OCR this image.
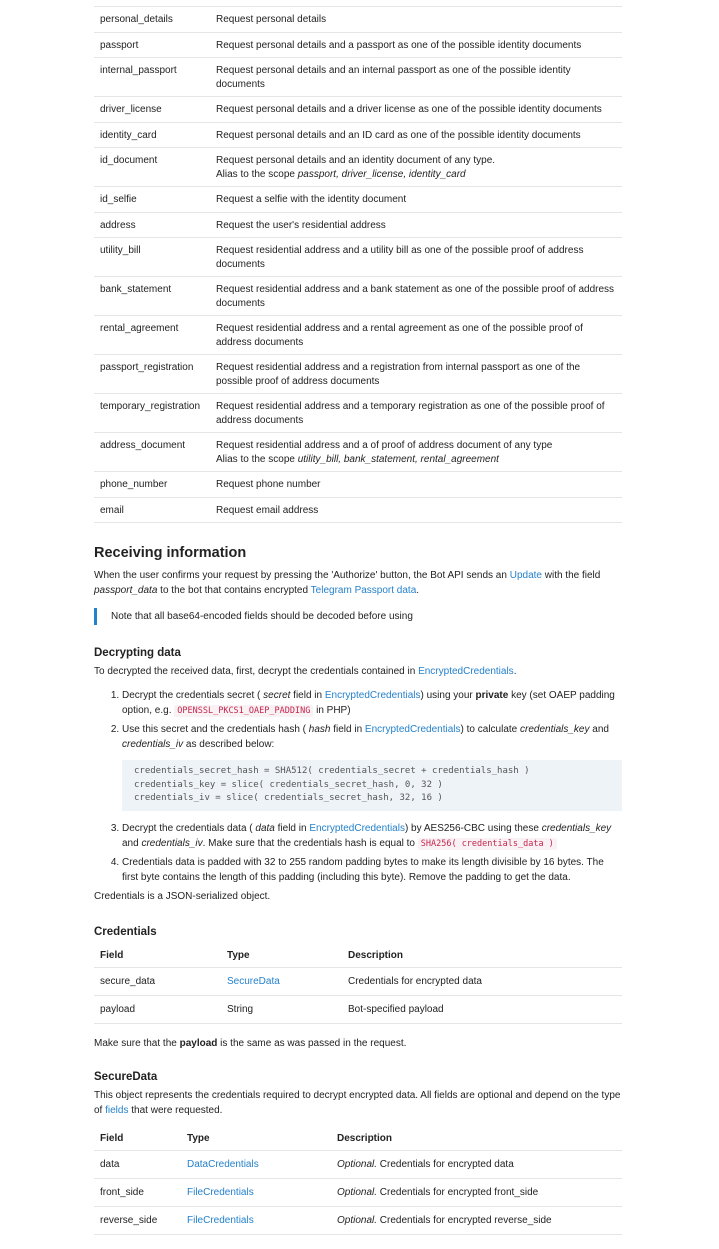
personal_details	Request personal details
passport	Request personal details and a passport as one of the possible identity documents
internal_passport	Request personal details and an internal passport as one of the possible identity documents
driver_license	Request personal details and a driver license as one of the possible identity documents
identity_card	Request personal details and an ID card as one of the possible identity documents
id_document	Request personal details and an identity document of any type.
Alias to the scope passport, driver_license, identity_card
id_selfie	Request a selfie with the identity document
address	Request the user's residential address
utility_bill	Request residential address and a utility bill as one of the possible proof of address documents
bank_statement	Request residential address and a bank statement as one of the possible proof of address documents
rental_agreement	Request residential address and a rental agreement as one of the possible proof of address documents
passport_registration	Request residential address and a registration from internal passport as one of the possible proof of address documents
temporary_registration	Request residential address and a temporary registration as one of the possible proof of address documents
address_document	Request residential address and a of proof of address document of any type
Alias to the scope utility_bill, bank_statement, rental_agreement
phone_number	Request phone number
email	Request email address
Receiving information

When the user confirms your request by pressing the 'Authorize' button, the Bot API sends an Update with the field passport_data to the bot that contains encrypted Telegram Passport data.

Note that all base64-encoded fields should be decoded before using
Decrypting data

To decrypted the received data, first, decrypt the credentials contained in EncryptedCredentials.

1. Decrypt the credentials secret ( secret field in EncryptedCredentials) using your private key (set OAEP padding option, e.g. OPENSSL_PKCS1_OAEP_PADDING in PHP)
2. Use this secret and the credentials hash ( hash field in EncryptedCredentials) to calculate credentials_key and credentials_iv as described below:
credentials_secret_hash = SHA512( credentials_secret + credentials_hash )
credentials_key = slice( credentials_secret_hash, 0, 32 )
credentials_iv = slice( credentials_secret_hash, 32, 16 )
3. Decrypt the credentials data ( data field in EncryptedCredentials) by AES256-CBC using these credentials_key and credentials_iv. Make sure that the credentials hash is equal to SHA256( credentials_data )
4. Credentials data is padded with 32 to 255 random padding bytes to make its length divisible by 16 bytes. The first byte contains the length of this padding (including this byte). Remove the padding to get the data.

Credentials is a JSON-serialized object.

Credentials
Field	Type	Description
secure_data	SecureData	Credentials for encrypted data
payload	String	Bot-specified payload

Make sure that the payload is the same as was passed in the request.

SecureData

This object represents the credentials required to decrypt encrypted data. All fields are optional and depend on the type of fields that were requested.

Field	Type	Description
data	DataCredentials	Optional. Credentials for encrypted data
front_side	FileCredentials	Optional. Credentials for encrypted front_side
reverse_side	FileCredentials	Optional. Credentials for encrypted reverse_side
